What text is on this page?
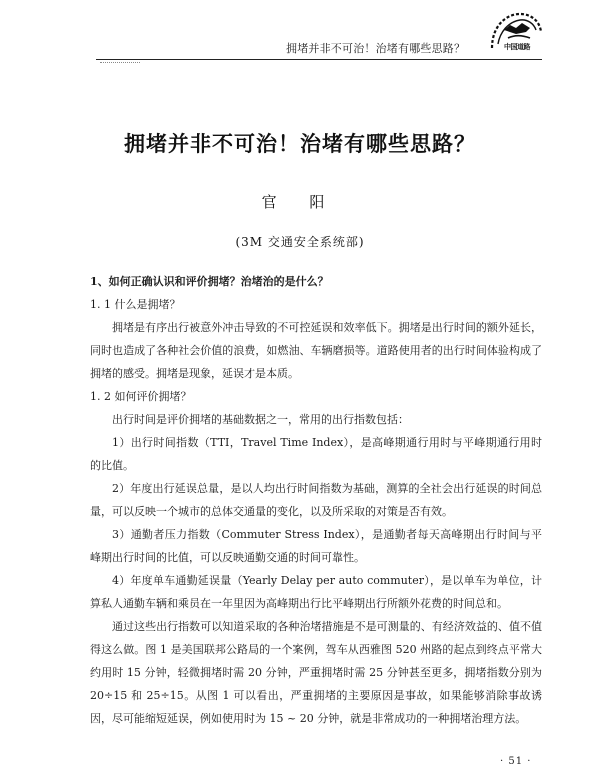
拥堵并非不可治！治堵有哪些思路？	中国道路
拥堵并非不可治！治堵有哪些思路？
官 阳
(3M 交通安全系统部)

1、如何正确认识和评价拥堵？治堵治的是什么？

1. 1 什么是拥堵？

拥堵是有序出行被意外冲击导致的不可控延误和效率低下。拥堵是出行时间的额外延长，同时也造成了各种社会价值的浪费，如燃油、车辆磨损等。道路使用者的出行时间体验构成了拥堵的感受。拥堵是现象，延误才是本质。

1. 2 如何评价拥堵？

出行时间是评价拥堵的基础数据之一，常用的出行指数包括：

1）出行时间指数（TTI，Travel Time Index），是高峰期通行用时与平峰期通行用时的比值。

2）年度出行延误总量，是以人均出行时间指数为基础，测算的全社会出行延误的时间总量，可以反映一个城市的总体交通量的变化，以及所采取的对策是否有效。

3）通勤者压力指数（Commuter Stress Index），是通勤者每天高峰期出行时间与平峰期出行时间的比值，可以反映通勤交通的时间可靠性。

4）年度单车通勤延误量（Yearly Delay per auto commuter），是以单车为单位，计算私人通勤车辆和乘员在一年里因为高峰期出行比平峰期出行所额外花费的时间总和。

通过这些出行指数可以知道采取的各种治堵措施是不是可测量的、有经济效益的、值不值得这么做。图 1 是美国联邦公路局的一个案例，驾车从西雅图 520 州路的起点到终点平常大约用时 15 分钟，轻微拥堵时需 20 分钟，严重拥堵时需 25 分钟甚至更多，拥堵指数分别为 20÷15 和 25÷15。从图 1 可以看出，严重拥堵的主要原因是事故，如果能够消除事故诱因，尽可能缩短延误，例如使用时为 15 ~ 20 分钟，就是非常成功的一种拥堵治理方法。

· 51 ·
